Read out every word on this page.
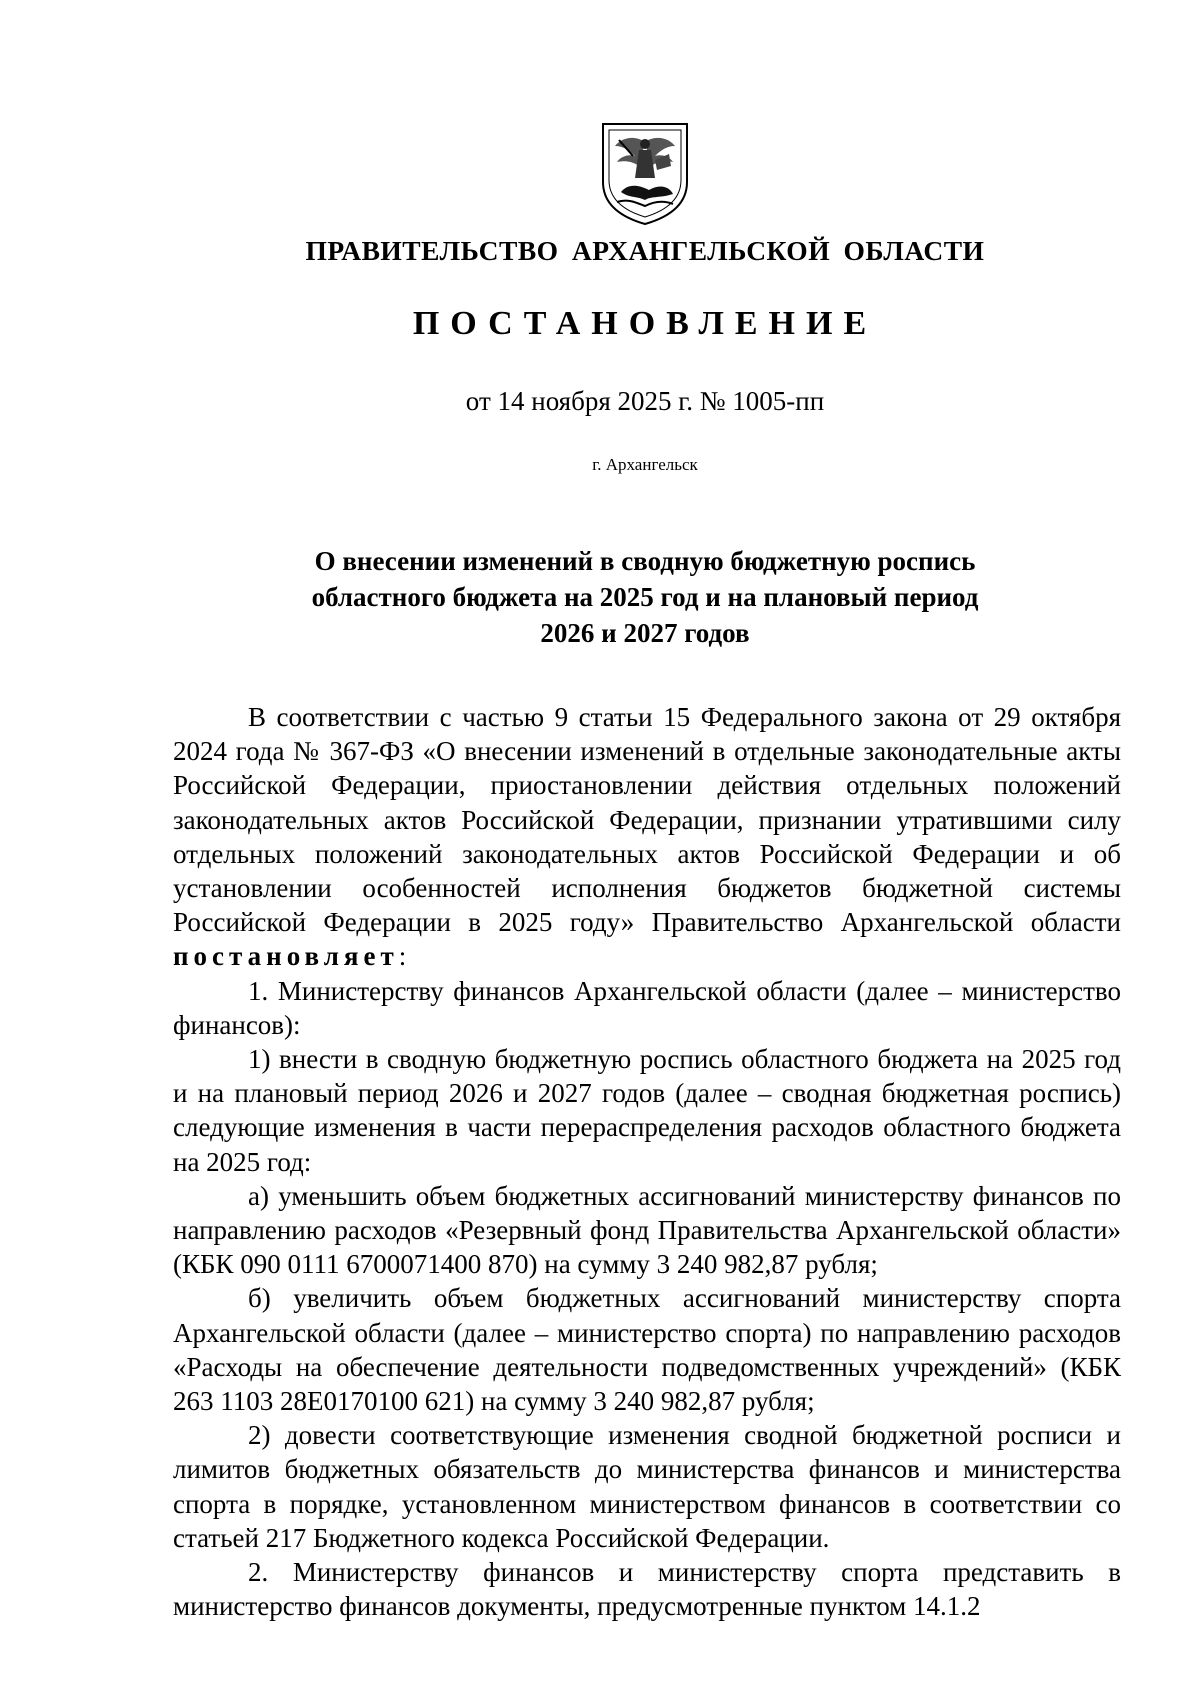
ПРАВИТЕЛЬСТВО АРХАНГЕЛЬСКОЙ ОБЛАСТИ
ПОСТАНОВЛЕНИЕ
от 14 ноября 2025 г. № 1005-пп
г. Архангельск
О внесении изменений в сводную бюджетную роспись
областного бюджета на 2025 год и на плановый период
2026 и 2027 годов

В соответствии с частью 9 статьи 15 Федерального закона от 29 октября 2024 года № 367-ФЗ «О внесении изменений в отдельные законодательные акты Российской Федерации, приостановлении действия отдельных положений законодательных актов Российской Федерации, признании утратившими силу отдельных положений законодательных актов Российской Федерации и об установлении особенностей исполнения бюджетов бюджетной системы Российской Федерации в 2025 году» Правительство Архангельской области постановляет:

1. Министерству финансов Архангельской области (далее – министерство финансов):

1) внести в сводную бюджетную роспись областного бюджета на 2025 год и на плановый период 2026 и 2027 годов (далее – сводная бюджетная роспись) следующие изменения в части перераспределения расходов областного бюджета на 2025 год:

а) уменьшить объем бюджетных ассигнований министерству финансов по направлению расходов «Резервный фонд Правительства Архангельской области» (КБК 090 0111 6700071400 870) на сумму 3 240 982,87 рубля;

б) увеличить объем бюджетных ассигнований министерству спорта Архангельской области (далее – министерство спорта) по направлению расходов «Расходы на обеспечение деятельности подведомственных учреждений» (КБК 263 1103 28Е0170100 621) на сумму 3 240 982,87 рубля;

2) довести соответствующие изменения сводной бюджетной росписи и лимитов бюджетных обязательств до министерства финансов и министерства спорта в порядке, установленном министерством финансов в соответствии со статьей 217 Бюджетного кодекса Российской Федерации.

2. Министерству финансов и министерству спорта представить в министерство финансов документы, предусмотренные пунктом 14.1.2
